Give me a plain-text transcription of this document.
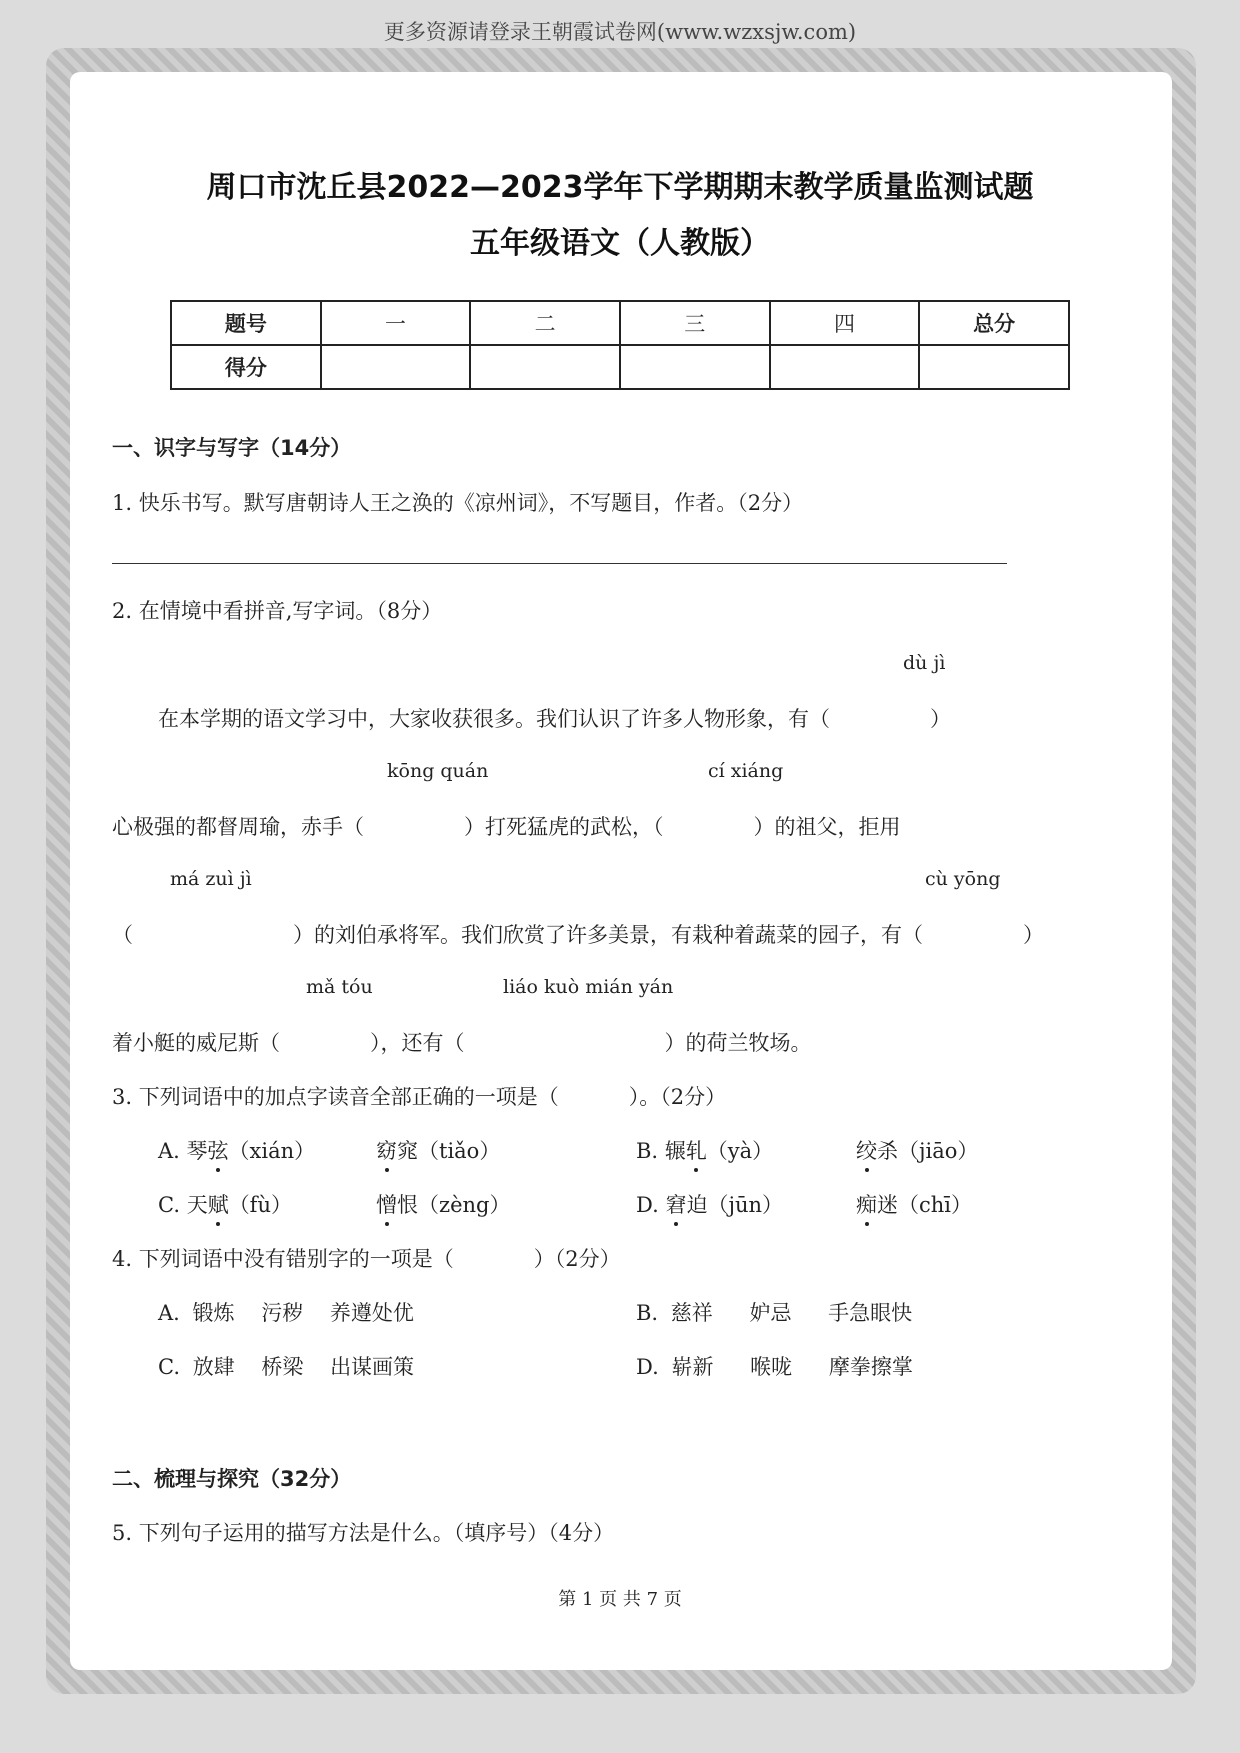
更多资源请登录王朝霞试卷网(www.wzxsjw.com)
周口市沈丘县2022—2023学年下学期期末教学质量监测试题
五年级语文（人教版）
题号	一	二	三	四	总分
得分					
一、识字与写字（14分）
1. 快乐书写。默写唐朝诗人王之涣的《凉州词》，不写题目，作者。（2分）
2. 在情境中看拼音,写字词。（8分）
dù jì
在本学期的语文学习中，大家收获很多。我们认识了许多人物形象，有（	）
kōng quán	cí xiáng
心极强的都督周瑜，赤手（	）打死猛虎的武松，（	）的祖父，拒用
má zuì jì	cù yōng
（	）的刘伯承将军。我们欣赏了许多美景，有栽种着蔬菜的园子，有（	）
mǎ tóu	liáo kuò mián yán
着小艇的威尼斯（	），还有（	）的荷兰牧场。
3. 下列词语中的加点字读音全部正确的一项是（	）。（2分）
A. 琴弦（xián）	窈窕（tiǎo）	B. 辗轧（yà）	绞杀（jiāo）
C. 天赋（fù）	憎恨（zèng）	D. 窘迫（jūn）	痴迷（chī）
4. 下列词语中没有错别字的一项是（	）（2分）
A. 锻炼 污秽 养遵处优	B. 慈祥 妒忌 手急眼快
C. 放肆 桥梁 出谋画策	D. 崭新 喉咙 摩拳擦掌
二、梳理与探究（32分）
5. 下列句子运用的描写方法是什么。（填序号）（4分）
第 1 页 共 7 页
